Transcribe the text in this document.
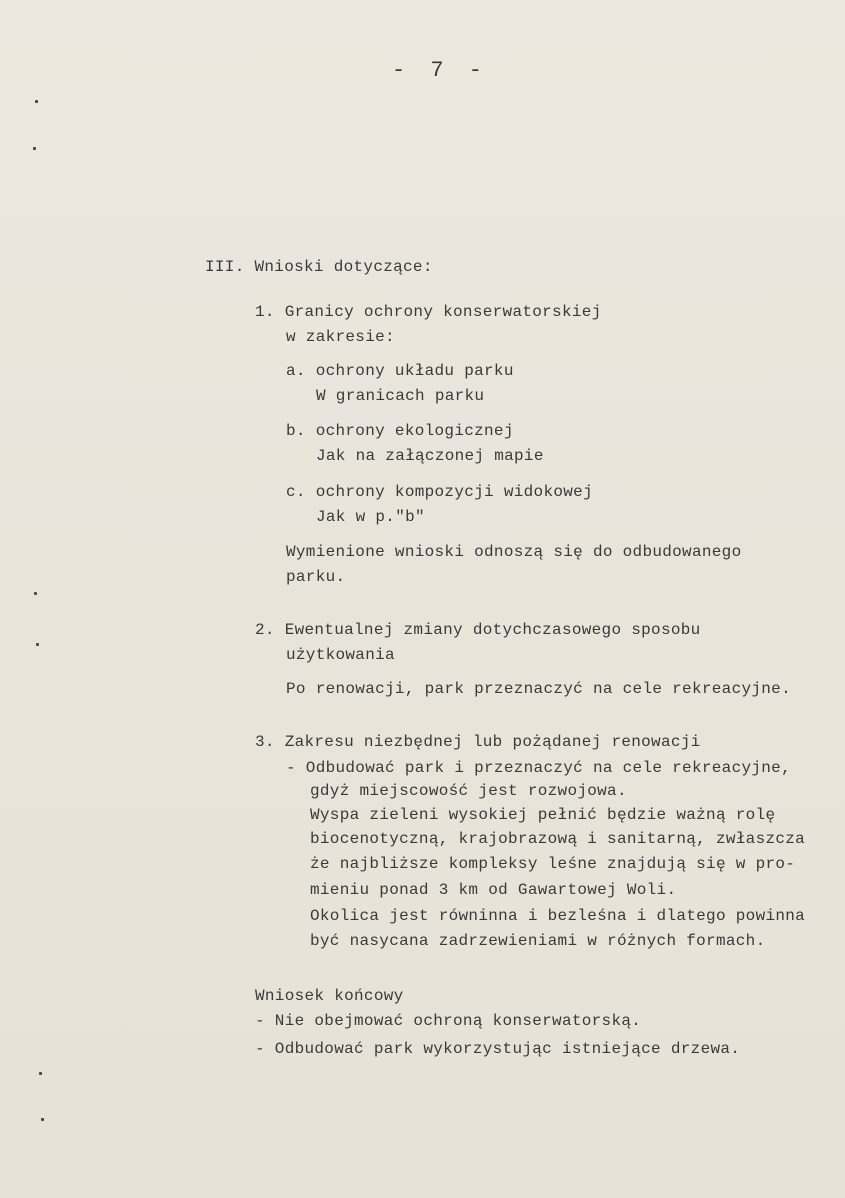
- 7 -
III. Wnioski dotyczące:
1. Granicy ochrony konserwatorskiej
w zakresie:
a. ochrony układu parku
W granicach parku
b. ochrony ekologicznej
Jak na załączonej mapie
c. ochrony kompozycji widokowej
Jak w p."b"
Wymienione wnioski odnoszą się do odbudowanego
parku.
2. Ewentualnej zmiany dotychczasowego sposobu
użytkowania
Po renowacji, park przeznaczyć na cele rekreacyjne.
3. Zakresu niezbędnej lub pożądanej renowacji
- Odbudować park i przeznaczyć na cele rekreacyjne,
gdyż miejscowość jest rozwojowa.
Wyspa zieleni wysokiej pełnić będzie ważną rolę
biocenotyczną, krajobrazową i sanitarną, zwłaszcza
że najbliższe kompleksy leśne znajdują się w pro-
mieniu ponad 3 km od Gawartowej Woli.
Okolica jest równinna i bezleśna i dlatego powinna
być nasycana zadrzewieniami w różnych formach.
Wniosek końcowy
- Nie obejmować ochroną konserwatorską.
- Odbudować park wykorzystując istniejące drzewa.
